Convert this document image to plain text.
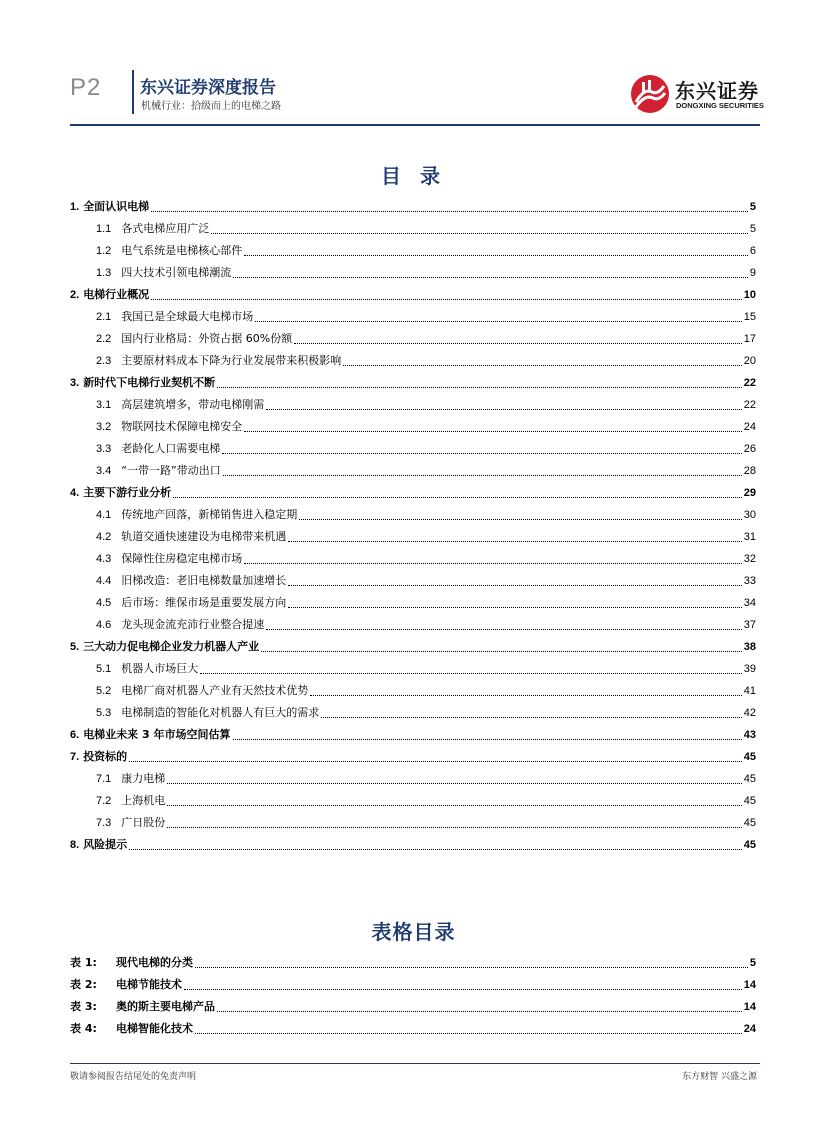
P2 东兴证券深度报告
机械行业：拾级而上的电梯之路
东兴证券
DONGXING SECURITIES
目 录
1. 全面认识电梯	5
1.1 各式电梯应用广泛	5
1.2 电气系统是电梯核心部件	6
1.3 四大技术引领电梯潮流	9
2. 电梯行业概况	10
2.1 我国已是全球最大电梯市场	15
2.2 国内行业格局：外资占据 60%份额	17
2.3 主要原材料成本下降为行业发展带来积极影响	20
3. 新时代下电梯行业契机不断	22
3.1 高层建筑增多，带动电梯刚需	22
3.2 物联网技术保障电梯安全	24
3.3 老龄化人口需要电梯	26
3.4 “一带一路”带动出口	28
4. 主要下游行业分析	29
4.1 传统地产回落，新梯销售进入稳定期	30
4.2 轨道交通快速建设为电梯带来机遇	31
4.3 保障性住房稳定电梯市场	32
4.4 旧梯改造：老旧电梯数量加速增长	33
4.5 后市场：维保市场是重要发展方向	34
4.6 龙头现金流充沛行业整合提速	37
5. 三大动力促电梯企业发力机器人产业	38
5.1 机器人市场巨大	39
5.2 电梯厂商对机器人产业有天然技术优势	41
5.3 电梯制造的智能化对机器人有巨大的需求	42
6. 电梯业未来 3 年市场空间估算	43
7. 投资标的	45
7.1 康力电梯	45
7.2 上海机电	45
7.3 广日股份	45
8. 风险提示	45
表格目录
表 1:	现代电梯的分类	5
表 2:	电梯节能技术	14
表 3:	奥的斯主要电梯产品	14
表 4:	电梯智能化技术	24
敬请参阅报告结尾处的免责声明	东方财智 兴盛之源
